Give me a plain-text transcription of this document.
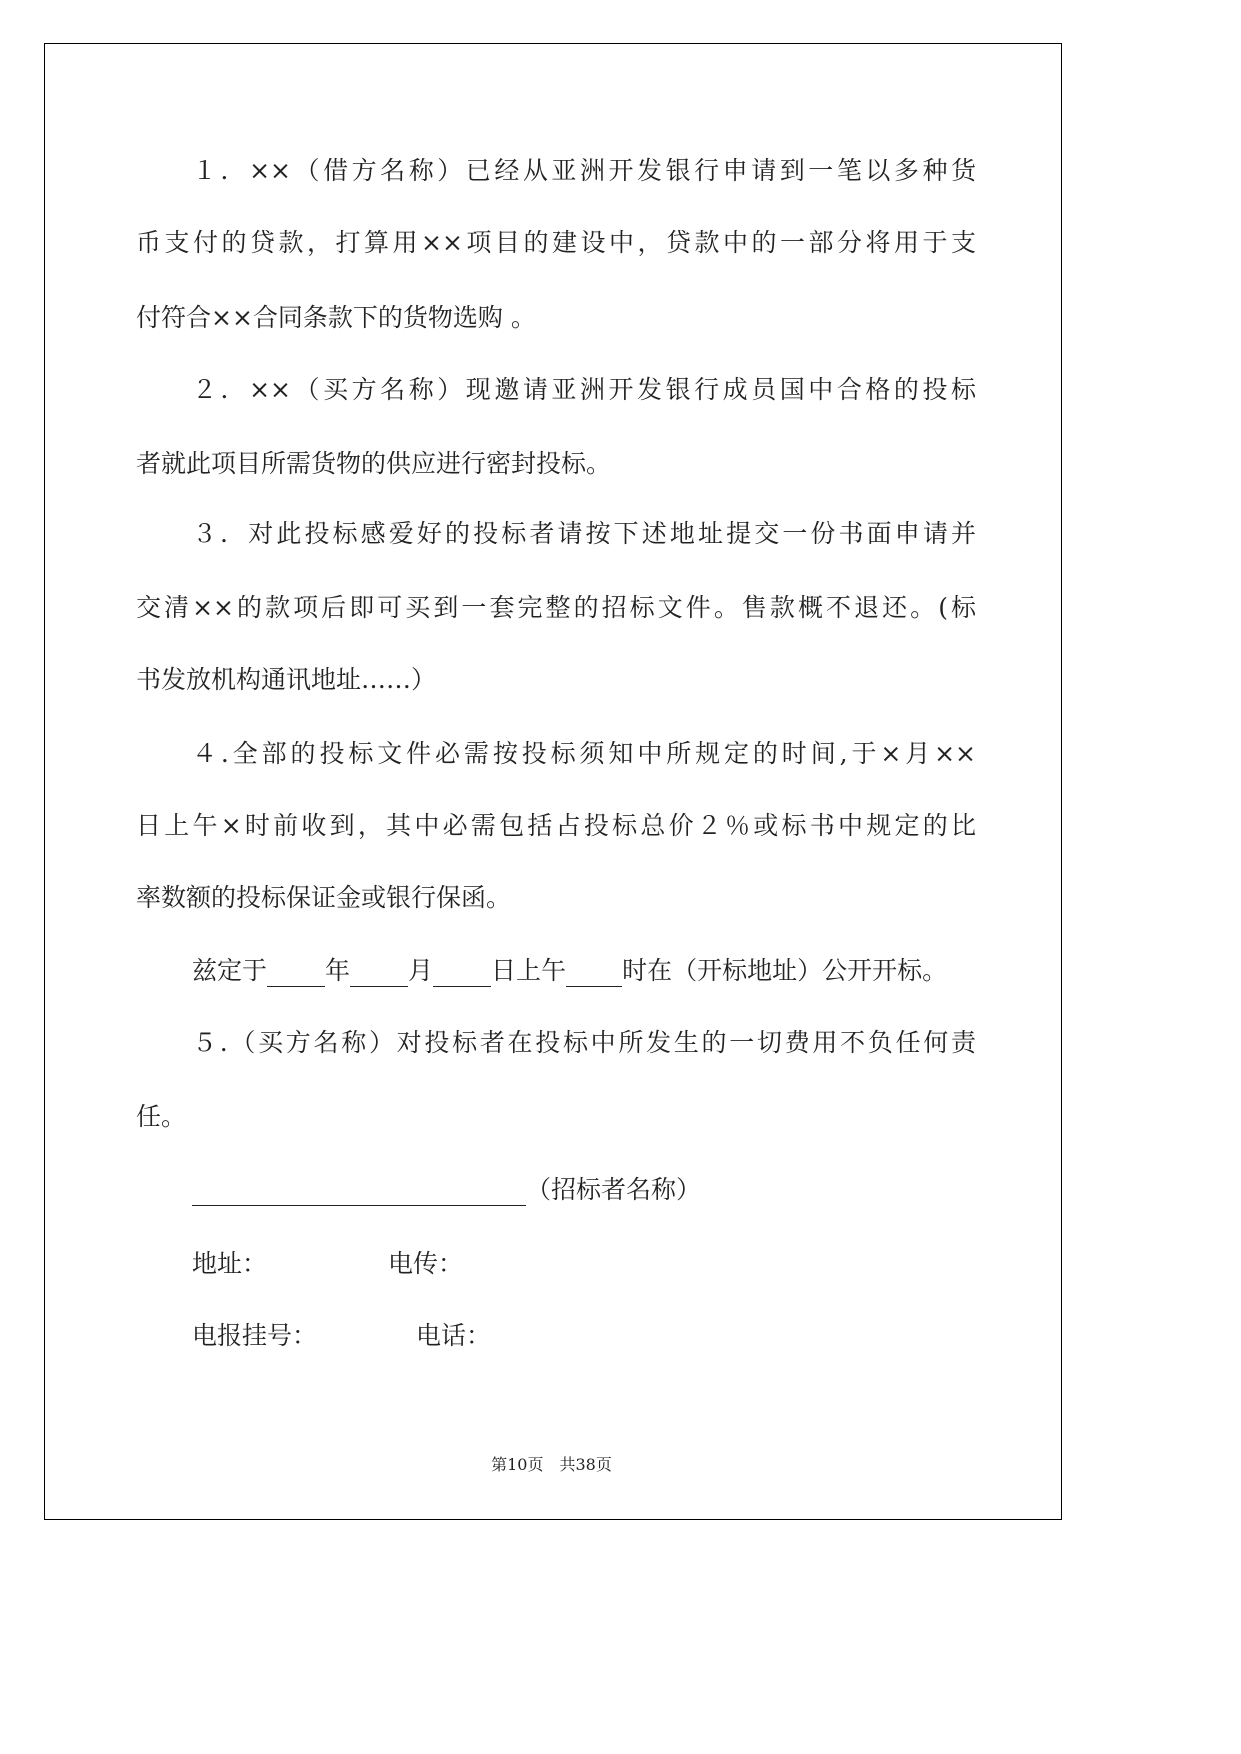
１．××（借方名称）已经从亚洲开发银行申请到一笔以多种货

币支付的贷款，打算用××项目的建设中，贷款中的一部分将用于支

付符合××合同条款下的货物选购 。

２．××（买方名称）现邀请亚洲开发银行成员国中合格的投标

者就此项目所需货物的供应进行密封投标。

３．对此投标感爱好的投标者请按下述地址提交一份书面申请并

交清××的款项后即可买到一套完整的招标文件。售款概不退还。(标

书发放机构通讯地址……）

４.全部的投标文件必需按投标须知中所规定的时间,于×月××

日上午×时前收到，其中必需包括占投标总价２％或标书中规定的比

率数额的投标保证金或银行保函。

兹定于 年 月 日上午 时在（开标地址）公开开标。

５.（买方名称）对投标者在投标中所发生的一切费用不负任何责

任。

（招标者名称）

地址：	电传：

电报挂号：	电话：

第10页　共38页
